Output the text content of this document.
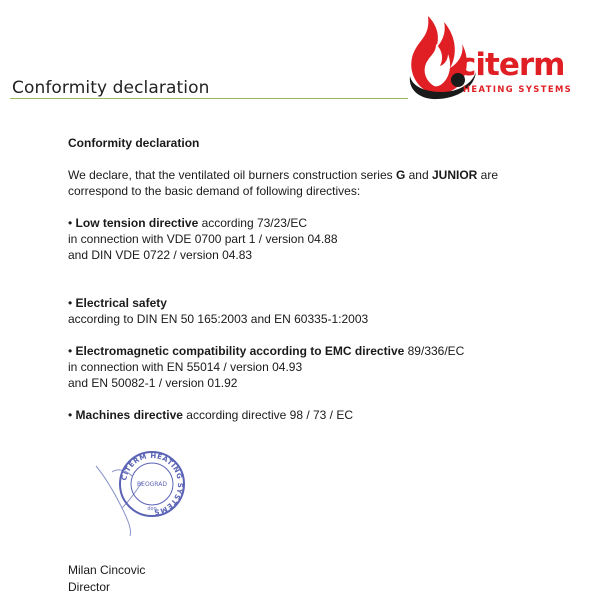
Conformity declaration
citerm
HEATING SYSTEMS

Conformity declaration

We declare, that the ventilated oil burners construction series G and JUNIOR are

correspond to the basic demand of following directives:

• Low tension directive according 73/23/EC

in connection with VDE 0700 part 1 / version 04.88

and DIN VDE 0722 / version 04.83

• Electrical safety

according to DIN EN 50 165:2003 and EN 60335-1:2003

• Electromagnetic compatibility according to EMC directive 89/336/EC

in connection with EN 55014 / version 04.93

and EN 50082-1 / version 01.92

• Machines directive according directive 98 / 73 / EC

CITERM HEATING SYSTEMS
BEOGRAD
doo
Milan Cincovic
Director
